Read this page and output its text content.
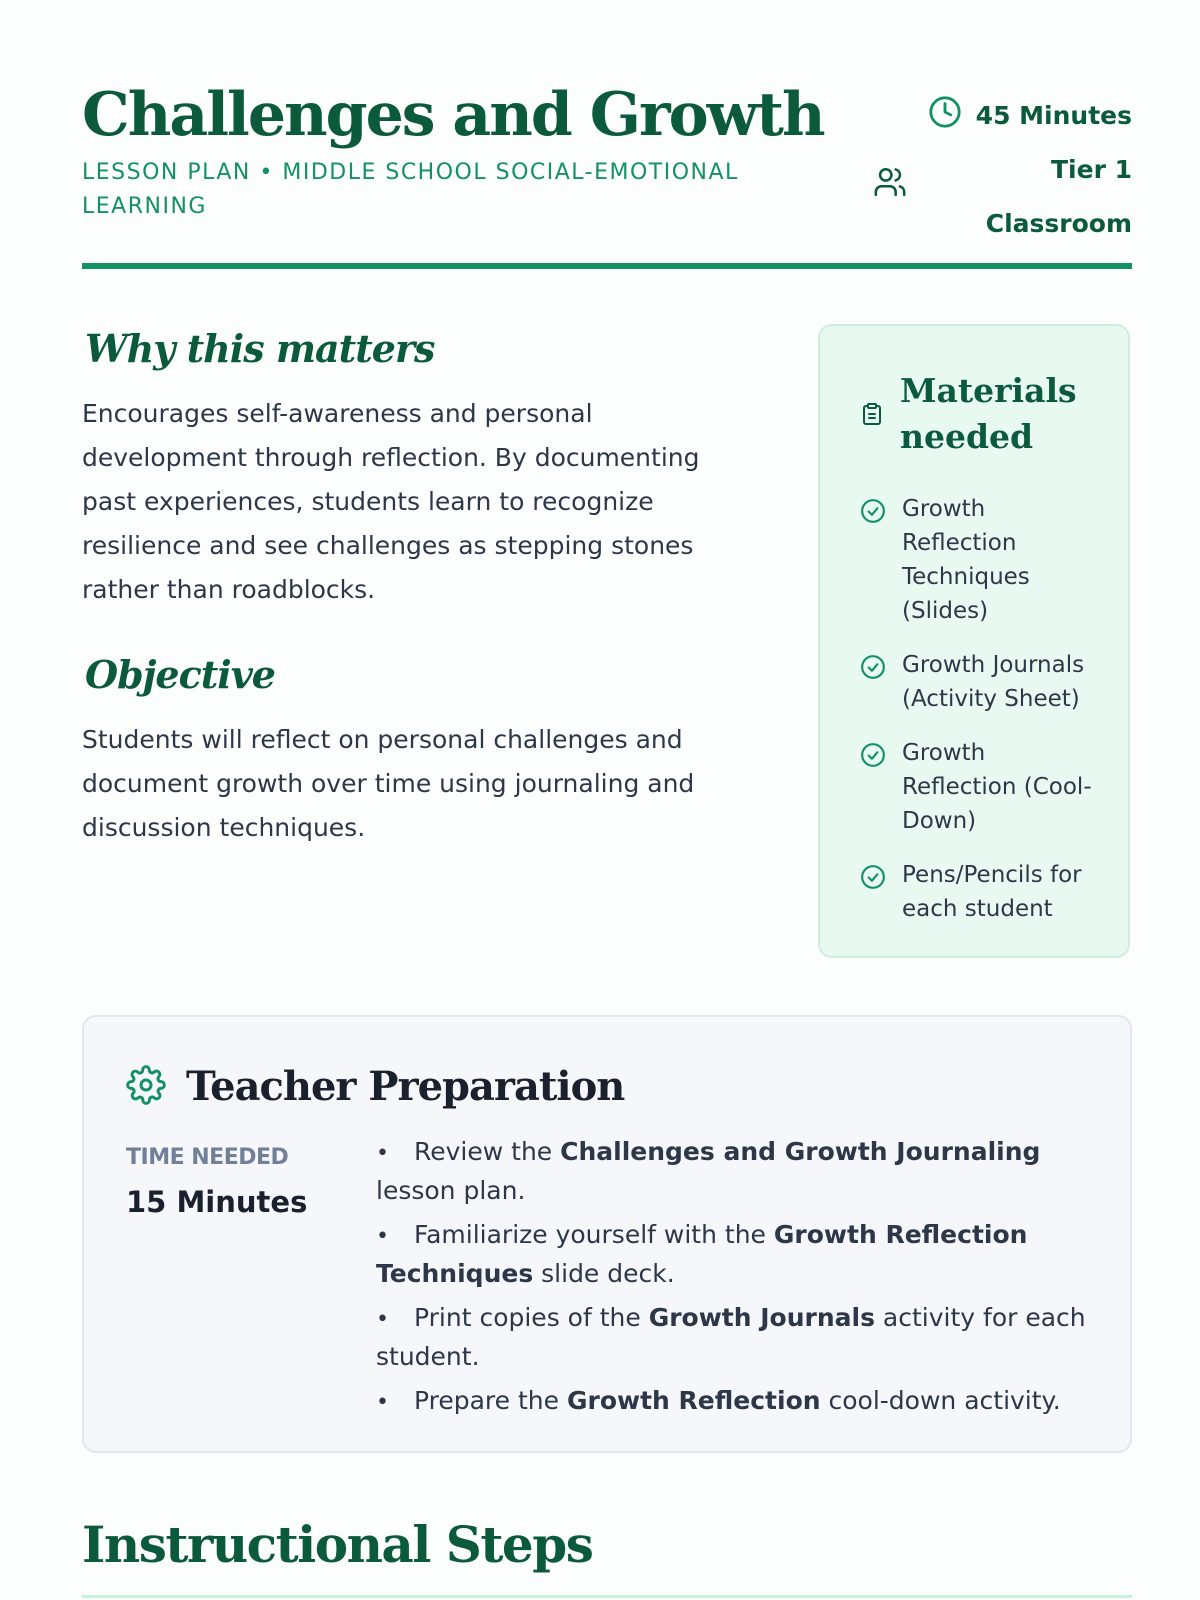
Challenges and Growth
LESSON PLAN • MIDDLE SCHOOL SOCIAL-EMOTIONAL LEARNING
45 Minutes
Tier 1
Classroom
Why this matters

Encourages self-awareness and personal development through reflection. By documenting past experiences, students learn to recognize resilience and see challenges as stepping stones rather than roadblocks.

Objective

Students will reflect on personal challenges and document growth over time using journaling and discussion techniques.

Materials needed
Growth Reflection Techniques (Slides)
Growth Journals (Activity Sheet)
Growth Reflection (Cool-Down)
Pens/Pencils for each student
Teacher Preparation
TIME NEEDED
15 Minutes
• Review the Challenges and Growth Journaling lesson plan.
• Familiarize yourself with the Growth Reflection Techniques slide deck.
• Print copies of the Growth Journals activity for each student.
• Prepare the Growth Reflection cool-down activity.
Instructional Steps
